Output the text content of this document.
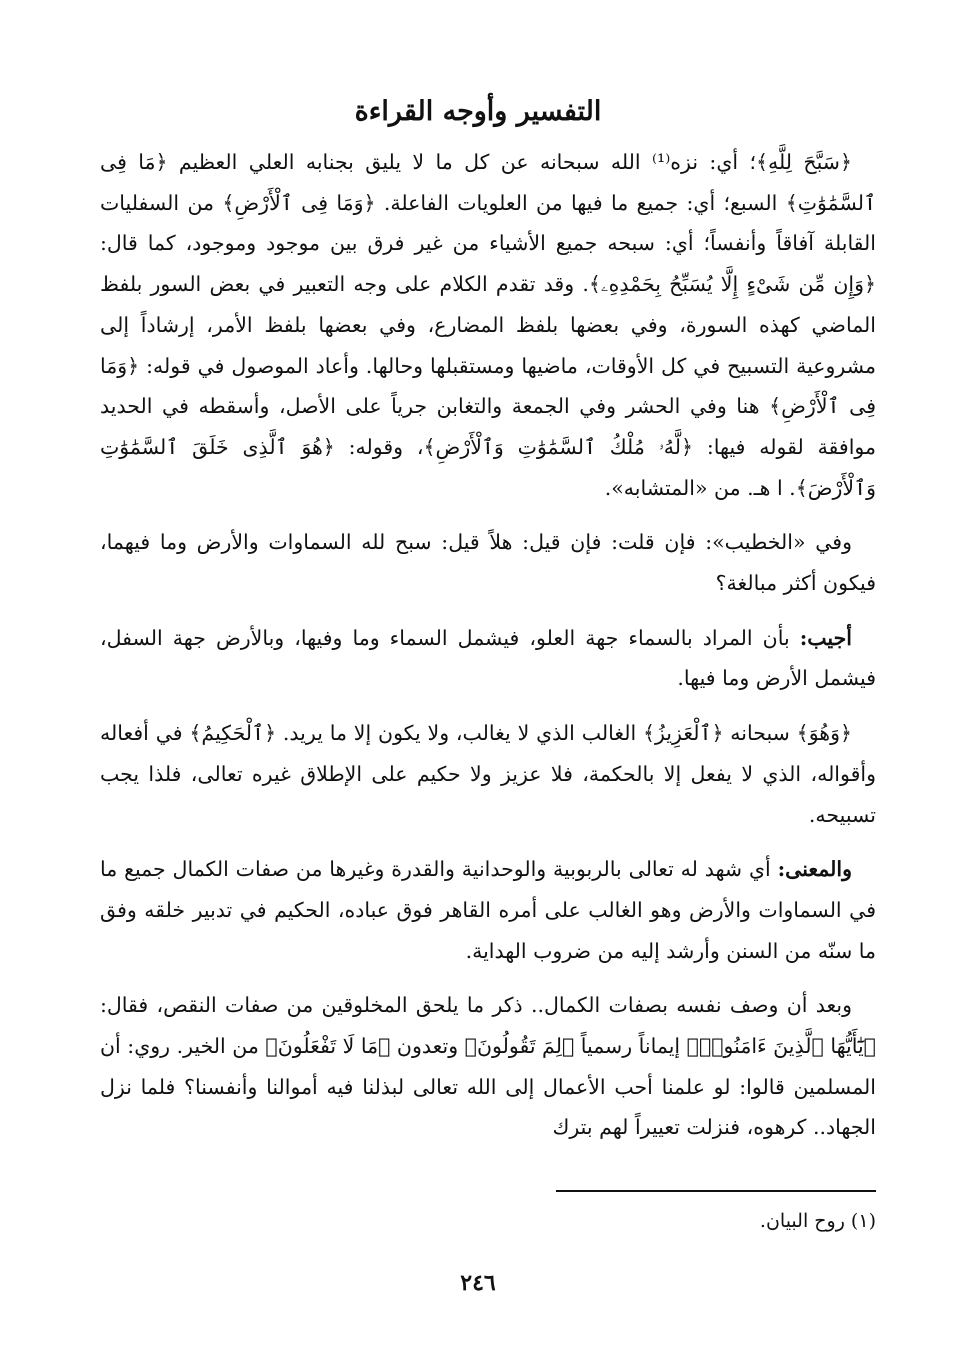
التفسير وأوجه القراءة

﴿سَبَّحَ لِلَّهِ﴾؛ أي: نزه⁽¹⁾ الله سبحانه عن كل ما لا يليق بجنابه العلي العظيم ﴿مَا فِى ٱلسَّمَٰوَٰتِ﴾ السبع؛ أي: جميع ما فيها من العلويات الفاعلة. ﴿وَمَا فِى ٱلْأَرْضِ﴾ من السفليات القابلة آفاقاً وأنفساً؛ أي: سبحه جميع الأشياء من غير فرق بين موجود وموجود، كما قال: ﴿وَإِن مِّن شَىْءٍ إِلَّا يُسَبِّحُ بِحَمْدِهِۦ﴾. وقد تقدم الكلام على وجه التعبير في بعض السور بلفظ الماضي كهذه السورة، وفي بعضها بلفظ المضارع، وفي بعضها بلفظ الأمر، إرشاداً إلى مشروعية التسبيح في كل الأوقات، ماضيها ومستقبلها وحالها. وأعاد الموصول في قوله: ﴿وَمَا فِى ٱلْأَرْضِ﴾ هنا وفي الحشر وفي الجمعة والتغابن جرياً على الأصل، وأسقطه في الحديد موافقة لقوله فيها: ﴿لَّهُۥ مُلْكُ ٱلسَّمَٰوَٰتِ وَٱلْأَرْضِ﴾، وقوله: ﴿هُوَ ٱلَّذِى خَلَقَ ٱلسَّمَٰوَٰتِ وَٱلْأَرْضَ﴾. ا هـ. من «المتشابه».

وفي «الخطيب»: فإن قلت: فإن قيل: هلاً قيل: سبح لله السماوات والأرض وما فيهما، فيكون أكثر مبالغة؟

أجيب: بأن المراد بالسماء جهة العلو، فيشمل السماء وما وفيها، وبالأرض جهة السفل، فيشمل الأرض وما فيها.

﴿وَهُوَ﴾ سبحانه ﴿ٱلْعَزِيزُ﴾ الغالب الذي لا يغالب، ولا يكون إلا ما يريد. ﴿ٱلْحَكِيمُ﴾ في أفعاله وأقواله، الذي لا يفعل إلا بالحكمة، فلا عزيز ولا حكيم على الإطلاق غيره تعالى، فلذا يجب تسبيحه.

والمعنى: أي شهد له تعالى بالربوبية والوحدانية والقدرة وغيرها من صفات الكمال جميع ما في السماوات والأرض وهو الغالب على أمره القاهر فوق عباده، الحكيم في تدبير خلقه وفق ما سنّه من السنن وأرشد إليه من ضروب الهداية.

وبعد أن وصف نفسه بصفات الكمال.. ذكر ما يلحق المخلوقين من صفات النقص، فقال: ﴿يَٰٓأَيُّهَا ٱلَّذِينَ ءَامَنُوا۟﴾ إيماناً رسمياً ﴿لِمَ تَقُولُونَ﴾ وتعدون ﴿مَا لَا تَفْعَلُونَ﴾ من الخير. روي: أن المسلمين قالوا: لو علمنا أحب الأعمال إلى الله تعالى لبذلنا فيه أموالنا وأنفسنا؟ فلما نزل الجهاد.. كرهوه، فنزلت تعييراً لهم بترك

(١) روح البيان.
٢٤٦
